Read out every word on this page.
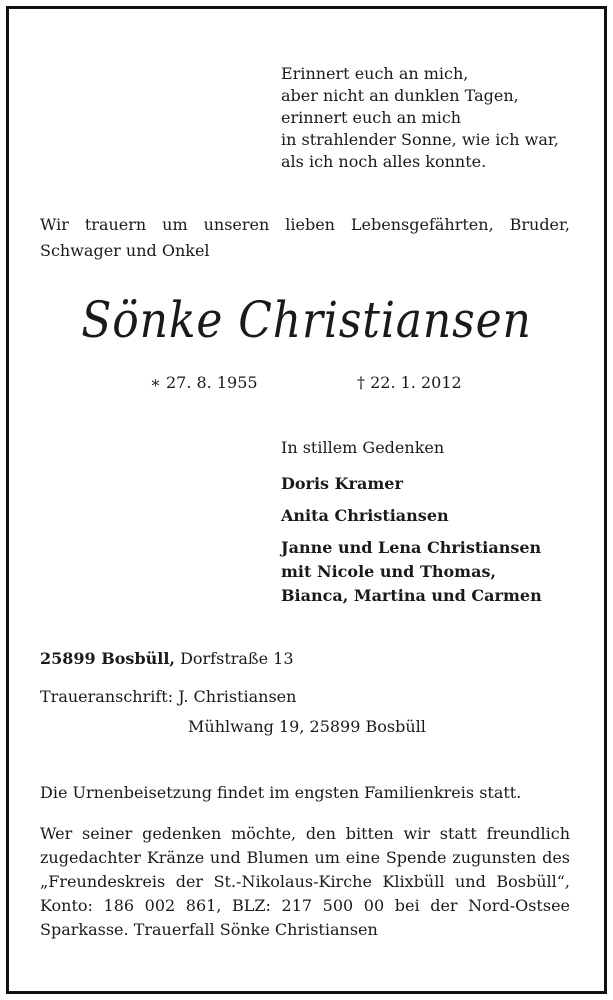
Erinnert euch an mich,
aber nicht an dunklen Tagen,
erinnert euch an mich
in strahlender Sonne, wie ich war,
als ich noch alles konnte.
Wir trauern um unseren lieben Lebensgefährten, Bruder, Schwager und Onkel
Sönke Christiansen
∗ 27. 8. 1955	† 22. 1. 2012
In stillem Gedenken
Doris Kramer
Anita Christiansen
Janne und Lena Christiansen
mit Nicole und Thomas,
Bianca, Martina und Carmen
25899 Bosbüll, Dorfstraße 13
Traueranschrift: J. Christiansen
Mühlwang 19, 25899 Bosbüll
Die Urnenbeisetzung findet im engsten Familienkreis statt.
Wer seiner gedenken möchte, den bitten wir statt freundlich zugedachter Kränze und Blumen um eine Spende zugunsten des „Freundeskreis der St.-Nikolaus-Kirche Klixbüll und Bosbüll“, Konto: 186 002 861, BLZ: 217 500 00 bei der Nord-Ostsee Sparkasse. Trauerfall Sönke Christiansen
